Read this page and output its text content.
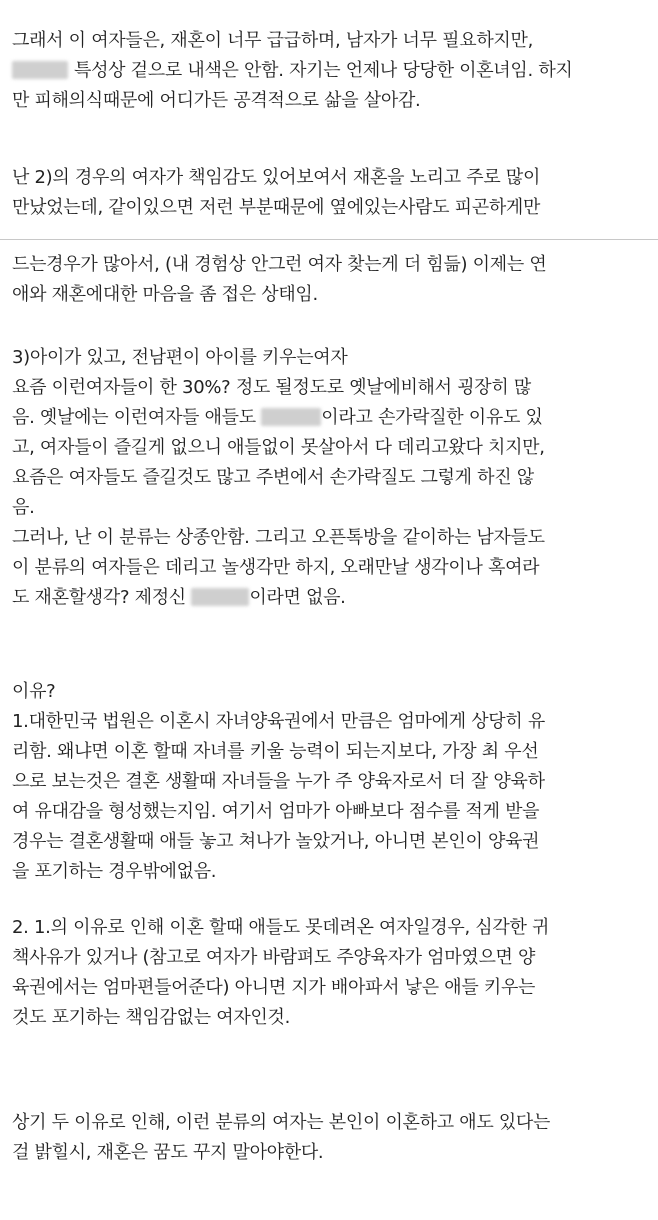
그래서 이 여자들은, 재혼이 너무 급급하며, 남자가 너무 필요하지만,
특성상 겉으로 내색은 안함. 자기는 언제나 당당한 이혼녀임. 하지
만 피해의식때문에 어디가든 공격적으로 삶을 살아감.
난 2)의 경우의 여자가 책임감도 있어보여서 재혼을 노리고 주로 많이
만났었는데, 같이있으면 저런 부분때문에 옆에있는사람도 피곤하게만
드는경우가 많아서, (내 경험상 안그런 여자 찾는게 더 힘듦) 이제는 연
애와 재혼에대한 마음을 좀 접은 상태임.
3)아이가 있고, 전남편이 아이를 키우는여자
요즘 이런여자들이 한 30%? 정도 될정도로 옛날에비해서 굉장히 많
음. 옛날에는 이런여자들 애들도	이라고 손가락질한 이유도 있
고, 여자들이 즐길게 없으니 애들없이 못살아서 다 데리고왔다 치지만,
요즘은 여자들도 즐길것도 많고 주변에서 손가락질도 그렇게 하진 않
음.
그러나, 난 이 분류는 상종안함. 그리고 오픈톡방을 같이하는 남자들도
이 분류의 여자들은 데리고 놀생각만 하지, 오래만날 생각이나 혹여라
도 재혼할생각? 제정신	이라면 없음.
이유?
1.대한민국 법원은 이혼시 자녀양육권에서 만큼은 엄마에게 상당히 유
리함. 왜냐면 이혼 할때 자녀를 키울 능력이 되는지보다, 가장 최 우선
으로 보는것은 결혼 생활때 자녀들을 누가 주 양육자로서 더 잘 양육하
여 유대감을 형성했는지임. 여기서 엄마가 아빠보다 점수를 적게 받을
경우는 결혼생활때 애들 놓고 쳐나가 놀았거나, 아니면 본인이 양육권
을 포기하는 경우밖에없음.
2. 1.의 이유로 인해 이혼 할때 애들도 못데려온 여자일경우, 심각한 귀
책사유가 있거나 (참고로 여자가 바람펴도 주양육자가 엄마였으면 양
육권에서는 엄마편들어준다) 아니면 지가 배아파서 낳은 애들 키우는
것도 포기하는 책임감없는 여자인것.
상기 두 이유로 인해, 이런 분류의 여자는 본인이 이혼하고 애도 있다는
걸 밝힐시, 재혼은 꿈도 꾸지 말아야한다.
